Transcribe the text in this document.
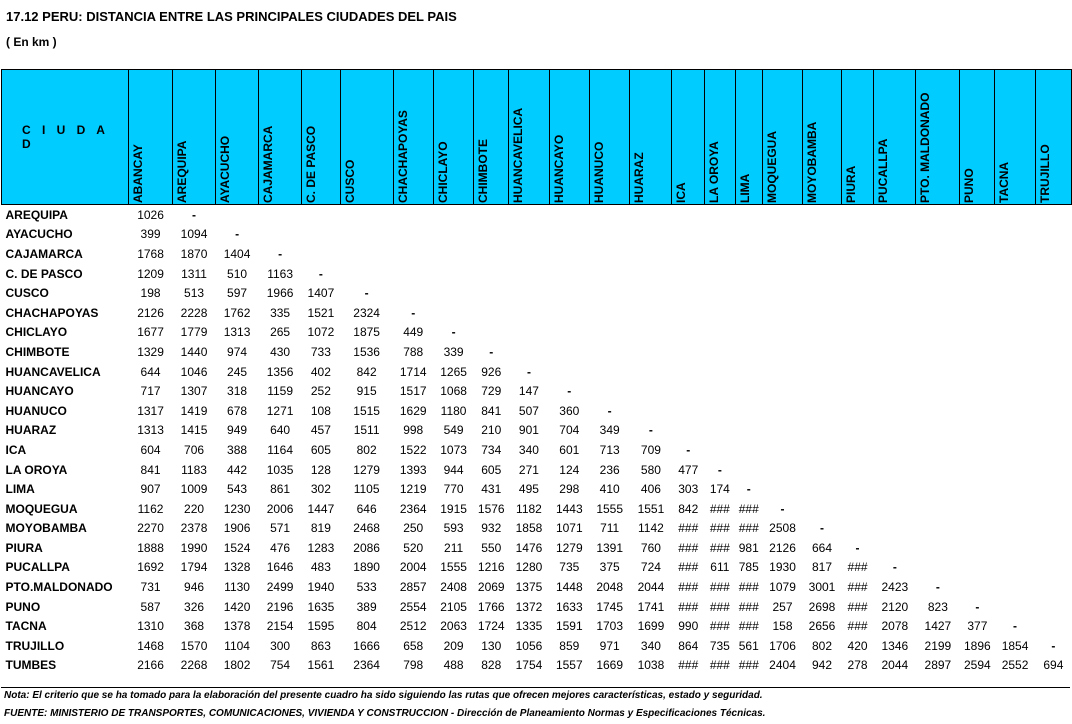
17.12 PERU: DISTANCIA ENTRE LAS PRINCIPALES CIUDADES DEL PAIS
( En km )
C I U D A D	ABANCAY	AREQUIPA	AYACUCHO	CAJAMARCA	C. DE PASCO	CUSCO	CHACHAPOYAS	CHICLAYO	CHIMBOTE	HUANCAVELICA	HUANCAYO	HUANUCO	HUARAZ	ICA	LA OROYA	LIMA	MOQUEGUA	MOYOBAMBA	PIURA	PUCALLPA	PTO. MALDONADO	PUNO	TACNA	TRUJILLO

AREQUIPA	1026	-																						
AYACUCHO	399	1094	-																					
CAJAMARCA	1768	1870	1404	-																				
C. DE PASCO	1209	1311	510	1163	-																			
CUSCO	198	513	597	1966	1407	-																		
CHACHAPOYAS	2126	2228	1762	335	1521	2324	-																	
CHICLAYO	1677	1779	1313	265	1072	1875	449	-																
CHIMBOTE	1329	1440	974	430	733	1536	788	339	-															
HUANCAVELICA	644	1046	245	1356	402	842	1714	1265	926	-														
HUANCAYO	717	1307	318	1159	252	915	1517	1068	729	147	-													
HUANUCO	1317	1419	678	1271	108	1515	1629	1180	841	507	360	-												
HUARAZ	1313	1415	949	640	457	1511	998	549	210	901	704	349	-											
ICA	604	706	388	1164	605	802	1522	1073	734	340	601	713	709	-										
LA OROYA	841	1183	442	1035	128	1279	1393	944	605	271	124	236	580	477	-									
LIMA	907	1009	543	861	302	1105	1219	770	431	495	298	410	406	303	174	-								
MOQUEGUA	1162	220	1230	2006	1447	646	2364	1915	1576	1182	1443	1555	1551	842	###	###	-							
MOYOBAMBA	2270	2378	1906	571	819	2468	250	593	932	1858	1071	711	1142	###	###	###	2508	-						
PIURA	1888	1990	1524	476	1283	2086	520	211	550	1476	1279	1391	760	###	###	981	2126	664	-					
PUCALLPA	1692	1794	1328	1646	483	1890	2004	1555	1216	1280	735	375	724	###	611	785	1930	817	###	-				
PTO.MALDONADO	731	946	1130	2499	1940	533	2857	2408	2069	1375	1448	2048	2044	###	###	###	1079	3001	###	2423	-			
PUNO	587	326	1420	2196	1635	389	2554	2105	1766	1372	1633	1745	1741	###	###	###	257	2698	###	2120	823	-		
TACNA	1310	368	1378	2154	1595	804	2512	2063	1724	1335	1591	1703	1699	990	###	###	158	2656	###	2078	1427	377	-	
TRUJILLO	1468	1570	1104	300	863	1666	658	209	130	1056	859	971	340	864	735	561	1706	802	420	1346	2199	1896	1854	-
TUMBES	2166	2268	1802	754	1561	2364	798	488	828	1754	1557	1669	1038	###	###	###	2404	942	278	2044	2897	2594	2552	694
Nota: El criterio que se ha tomado para la elaboración del presente cuadro ha sido siguiendo las rutas que ofrecen mejores características, estado y seguridad.
FUENTE: MINISTERIO DE TRANSPORTES, COMUNICACIONES, VIVIENDA Y CONSTRUCCION - Dirección de Planeamiento Normas y Especificaciones Técnicas.
